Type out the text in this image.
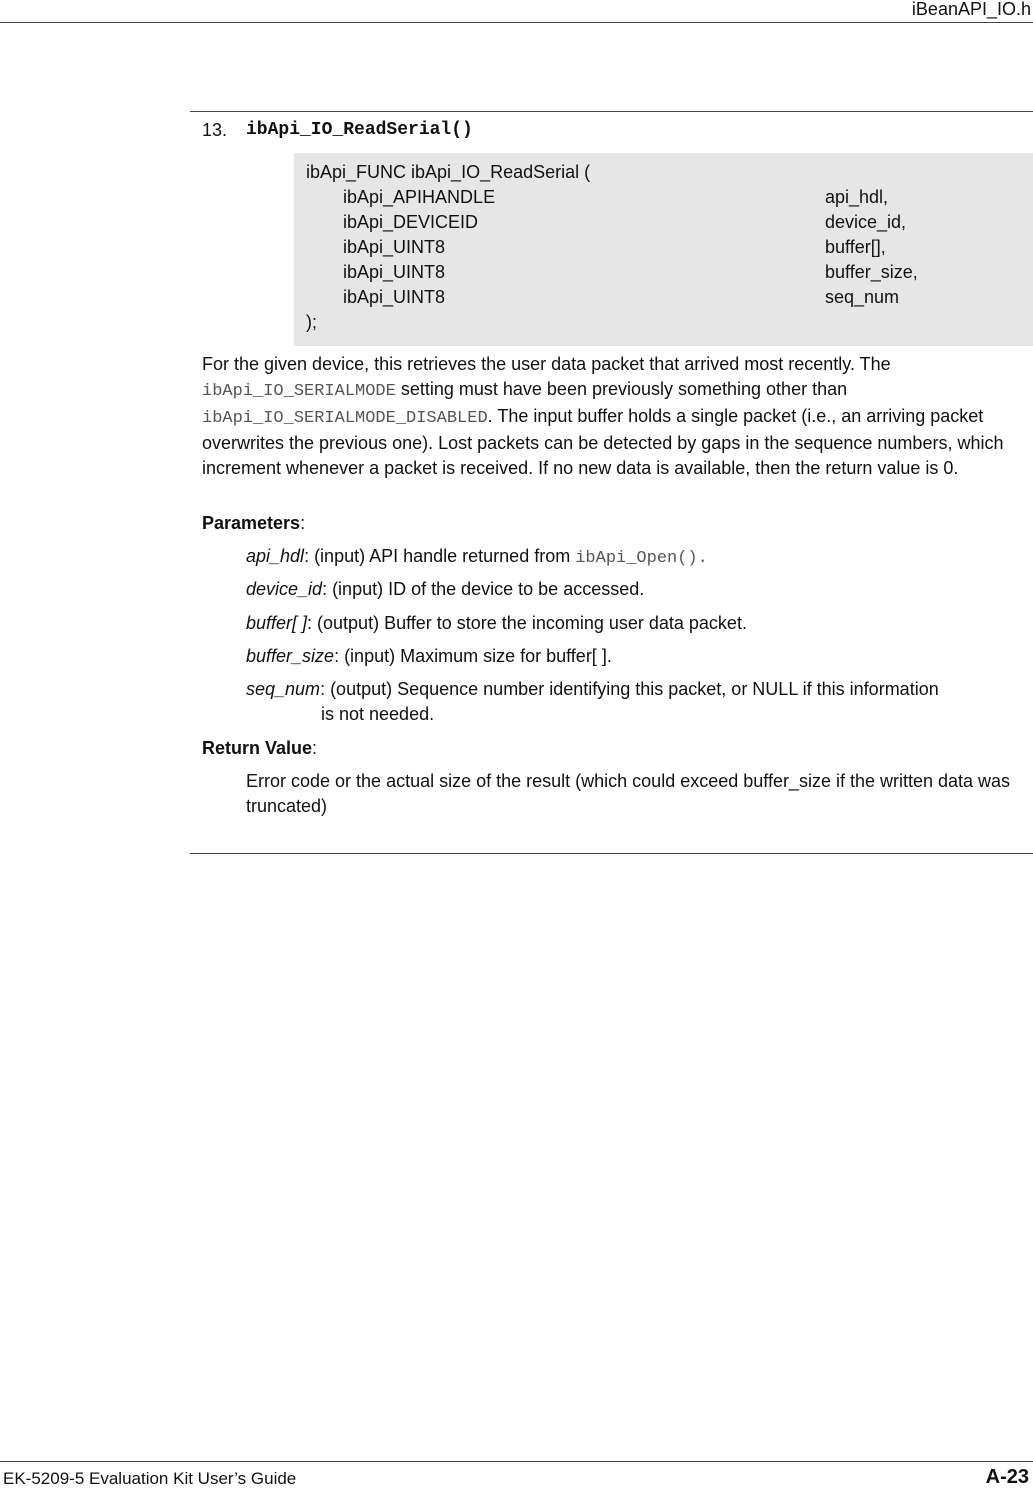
iBeanAPI_IO.h
13. ibApi_IO_ReadSerial()
ibApi_FUNC ibApi_IO_ReadSerial (
ibApi_APIHANDLE	api_hdl,
ibApi_DEVICEID	device_id,
ibApi_UINT8	buffer[],
ibApi_UINT8	buffer_size,
ibApi_UINT8	seq_num
);
For the given device, this retrieves the user data packet that arrived most recently. The ibApi_IO_SERIALMODE setting must have been previously something other than ibApi_IO_SERIALMODE_DISABLED. The input buffer holds a single packet (i.e., an arriving packet overwrites the previous one). Lost packets can be detected by gaps in the sequence numbers, which increment whenever a packet is received. If no new data is available, then the return value is 0.
Parameters:
api_hdl: (input) API handle returned from ibApi_Open().
device_id: (input) ID of the device to be accessed.
buffer[ ]: (output) Buffer to store the incoming user data packet.
buffer_size: (input) Maximum size for buffer[ ].
seq_num: (output) Sequence number identifying this packet, or NULL if this information
is not needed.
Return Value:
Error code or the actual size of the result (which could exceed buffer_size if the written data was truncated)
EK-5209-5 Evaluation Kit User’s Guide	A-23
